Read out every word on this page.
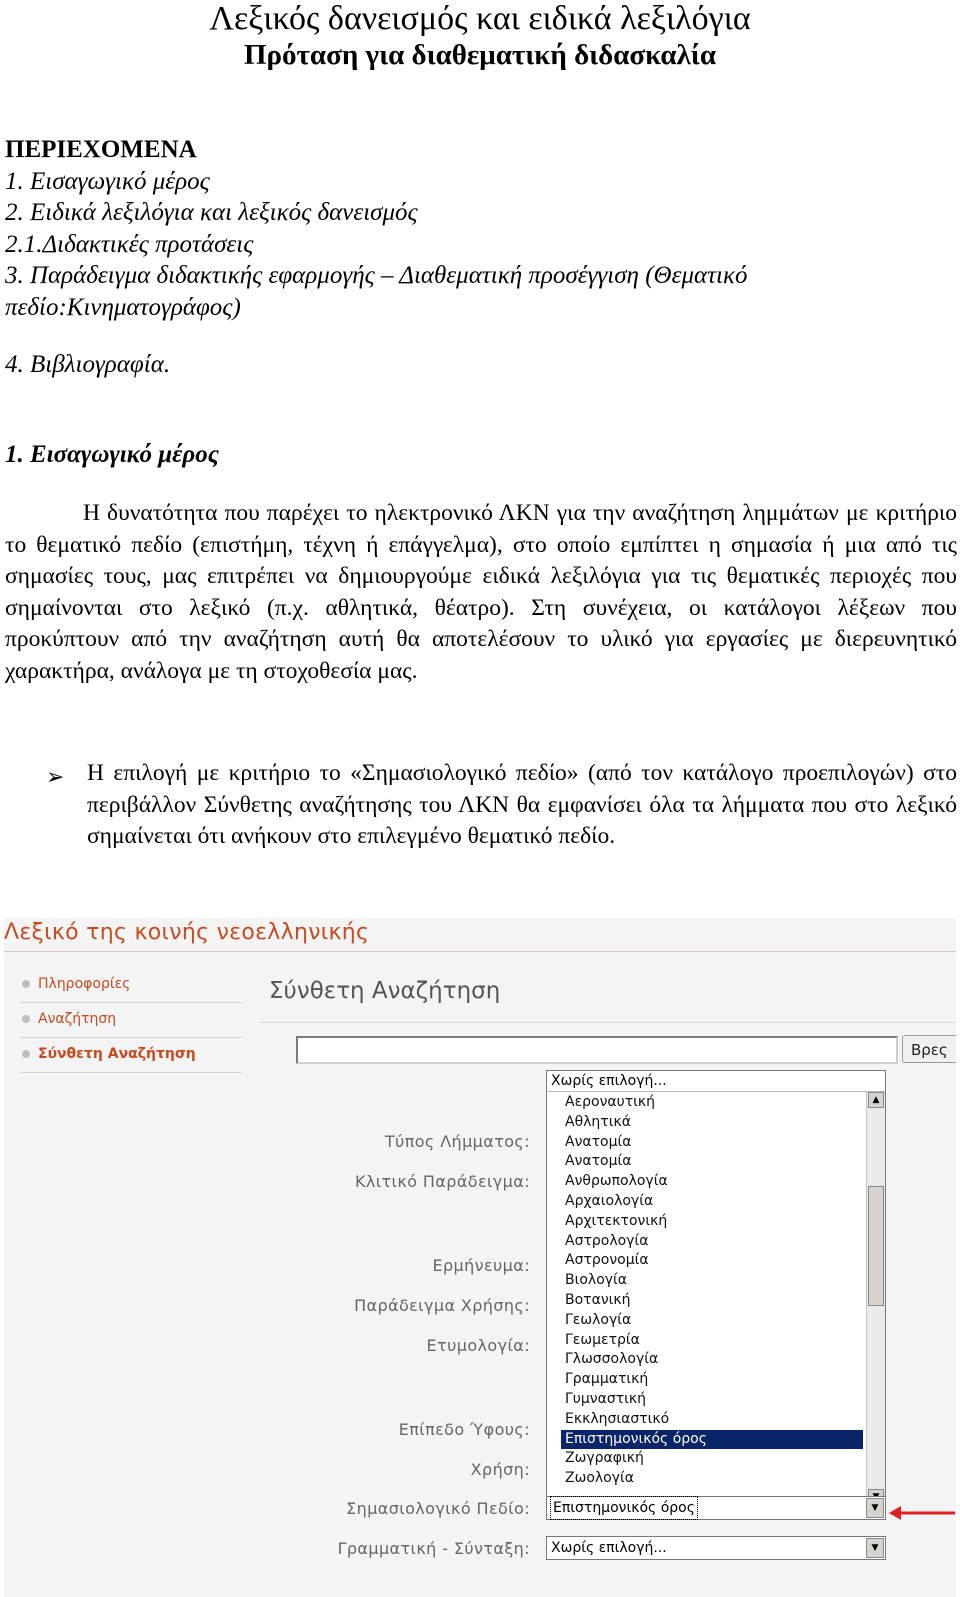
Λεξικός δανεισμός και ειδικά λεξιλόγια
Πρόταση για διαθεματική διδασκαλία
ΠΕΡΙΕΧΟΜΕΝΑ
1. Εισαγωγικό μέρος
2. Ειδικά λεξιλόγια και λεξικός δανεισμός
2.1.Διδακτικές προτάσεις
3. Παράδειγμα διδακτικής εφαρμογής – Διαθεματική προσέγγιση (Θεματικό
πεδίο:Κινηματογράφος)
4. Βιβλιογραφία.
1. Εισαγωγικό μέρος
Η δυνατότητα που παρέχει το ηλεκτρονικό ΛΚΝ για την αναζήτηση λημμάτων με κριτήριο το θεματικό πεδίο (επιστήμη, τέχνη ή επάγγελμα), στο οποίο εμπίπτει η σημασία ή μια από τις σημασίες τους, μας επιτρέπει να δημιουργούμε ειδικά λεξιλόγια για τις θεματικές περιοχές που σημαίνονται στο λεξικό (π.χ. αθλητικά, θέατρο). Στη συνέχεια, οι κατάλογοι λέξεων που προκύπτουν από την αναζήτηση αυτή θα αποτελέσουν το υλικό για εργασίες με διερευνητικό χαρακτήρα, ανάλογα με τη στοχοθεσία μας.
➢ Η επιλογή με κριτήριο το «Σημασιολογικό πεδίο» (από τον κατάλογο προεπιλογών) στο περιβάλλον Σύνθετης αναζήτησης του ΛΚΝ θα εμφανίσει όλα τα λήμματα που στο λεξικό σημαίνεται ότι ανήκουν στο επιλεγμένο θεματικό πεδίο.
Λεξικό της κοινής νεοελληνικής
Πληροφορίες
Αναζήτηση
Σύνθετη Αναζήτηση
Σύνθετη Αναζήτηση
Βρες
Τύπος Λήμματος:
Κλιτικό Παράδειγμα:
Ερμήνευμα:
Παράδειγμα Χρήσης:
Ετυμολογία:
Επίπεδο Ύφους:
Χρήση:
Σημασιολογικό Πεδίο:
Γραμματική - Σύνταξη:
Χωρίς επιλογή...
Αεροναυτική
Αθλητικά
Ανατομία
Ανατομία
Ανθρωπολογία
Αρχαιολογία
Αρχιτεκτονική
Αστρολογία
Αστρονομία
Βιολογία
Βοτανική
Γεωλογία
Γεωμετρία
Γλωσσολογία
Γραμματική
Γυμναστική
Εκκλησιαστικό
Επιστημονικός όρος
Ζωγραφική
Ζωολογία
▲
Επιστημονικός όρος	▼
Χωρίς επιλογή...	▼
